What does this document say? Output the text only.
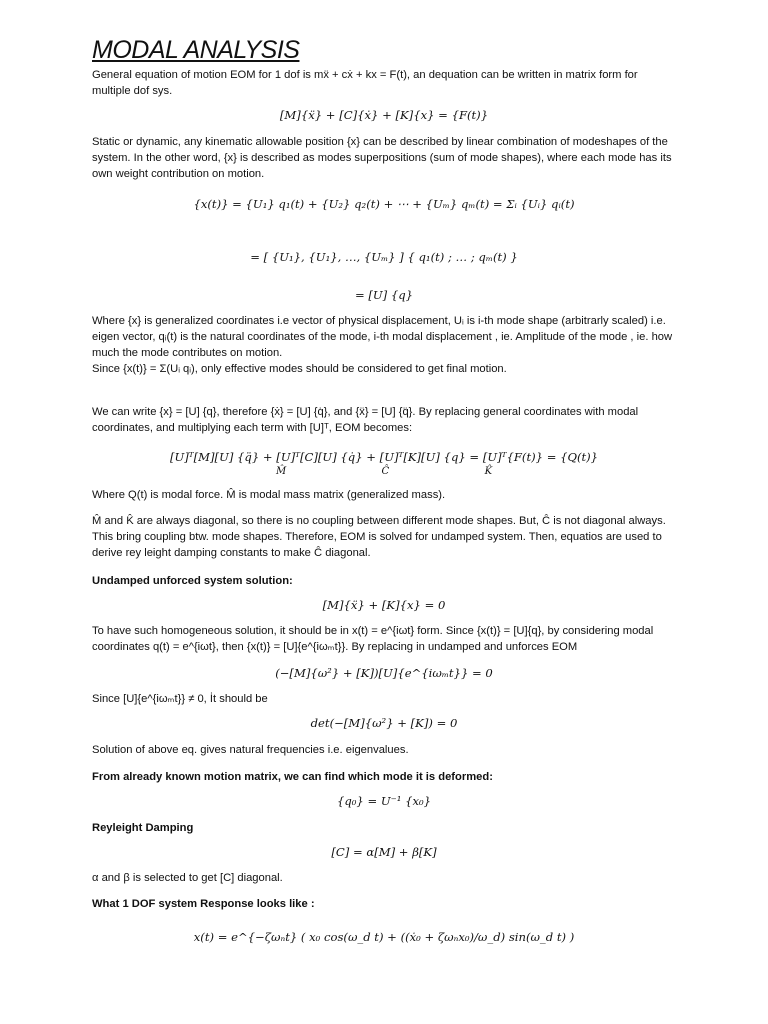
MODAL ANALYSIS

General equation of motion EOM for 1 dof is mẍ + cẋ + kx = F(t), an dequation can be written in matrix form for multiple dof sys.

[M]{ẍ} + [C]{ẋ} + [K]{x} = {F(t)}

Static or dynamic, any kinematic allowable position {x} can be described by linear combination of modeshapes of the system. In the other word, {x} is described as modes superpositions (sum of mode shapes), where each mode has its own weight contribution on motion.

{x(t)} = {U₁} q₁(t) + {U₂} q₂(t) + ⋯ + {Uₘ} qₘ(t) = Σᵢ {Uᵢ} qᵢ(t)

= [ {U₁}, {U₁}, …, {Uₘ} ] { q₁(t) ; … ; qₘ(t) }

= [U] {q}

Where {x} is generalized coordinates i.e vector of physical displacement, Uᵢ is i-th mode shape (arbitrarly scaled) i.e. eigen vector, qᵢ(t) is the natural coordinates of the mode, i-th modal displacement , ie. Amplitude of the mode , ie. how much the mode contributes on motion.

Since {x(t)} = Σ(Uᵢ qᵢ), only effective modes should be considered to get final motion.

We can write {x} = [U] {q}, therefore {ẋ} = [U] {q̇}, and {ẍ} = [U] {q̈}. By replacing general coordinates with modal coordinates, and multiplying each term with [U]ᵀ, EOM becomes:

[U]ᵀ[M][U] {q̈} + [U]ᵀ[C][U] {q̇} + [U]ᵀ[K][U] {q} = [U]ᵀ{F(t)} = {Q(t)}

M̂                              Ĉ                              K̂

Where Q(t) is modal force. M̂ is modal mass matrix (generalized mass).

M̂ and K̂ are always diagonal, so there is no coupling between different mode shapes. But, Ĉ is not diagonal always. This bring coupling btw. mode shapes. Therefore, EOM is solved for undamped system. Then, equatios are used to derive rey leight damping constants to make Ĉ diagonal.

Undamped unforced system solution:

[M]{ẍ} + [K]{x} = 0

To have such homogeneous solution, it should be in x(t) = e^{iωt} form. Since {x(t)} = [U]{q}, by considering modal coordinates q(t) = e^{iωt}, then {x(t)} = [U]{e^{iωₘt}}. By replacing in undamped and unforces EOM

(−[M]{ω²} + [K])[U]{e^{iωₘt}} = 0

Since [U]{e^{iωₘt}} ≠ 0, İt should be

det(−[M]{ω²} + [K]) = 0

Solution of above eq. gives natural frequencies i.e. eigenvalues.

From already known motion matrix, we can find which mode it is deformed:

{q₀} = U⁻¹ {x₀}

Reyleight Damping

[C] = α[M] + β[K]

α and β is selected to get [C] diagonal.

What 1 DOF system Response looks like :

x(t) = e^{−ζωₙt} ( x₀ cos(ω_d t) + ((ẋ₀ + ζωₙx₀)/ω_d) sin(ω_d t) )
